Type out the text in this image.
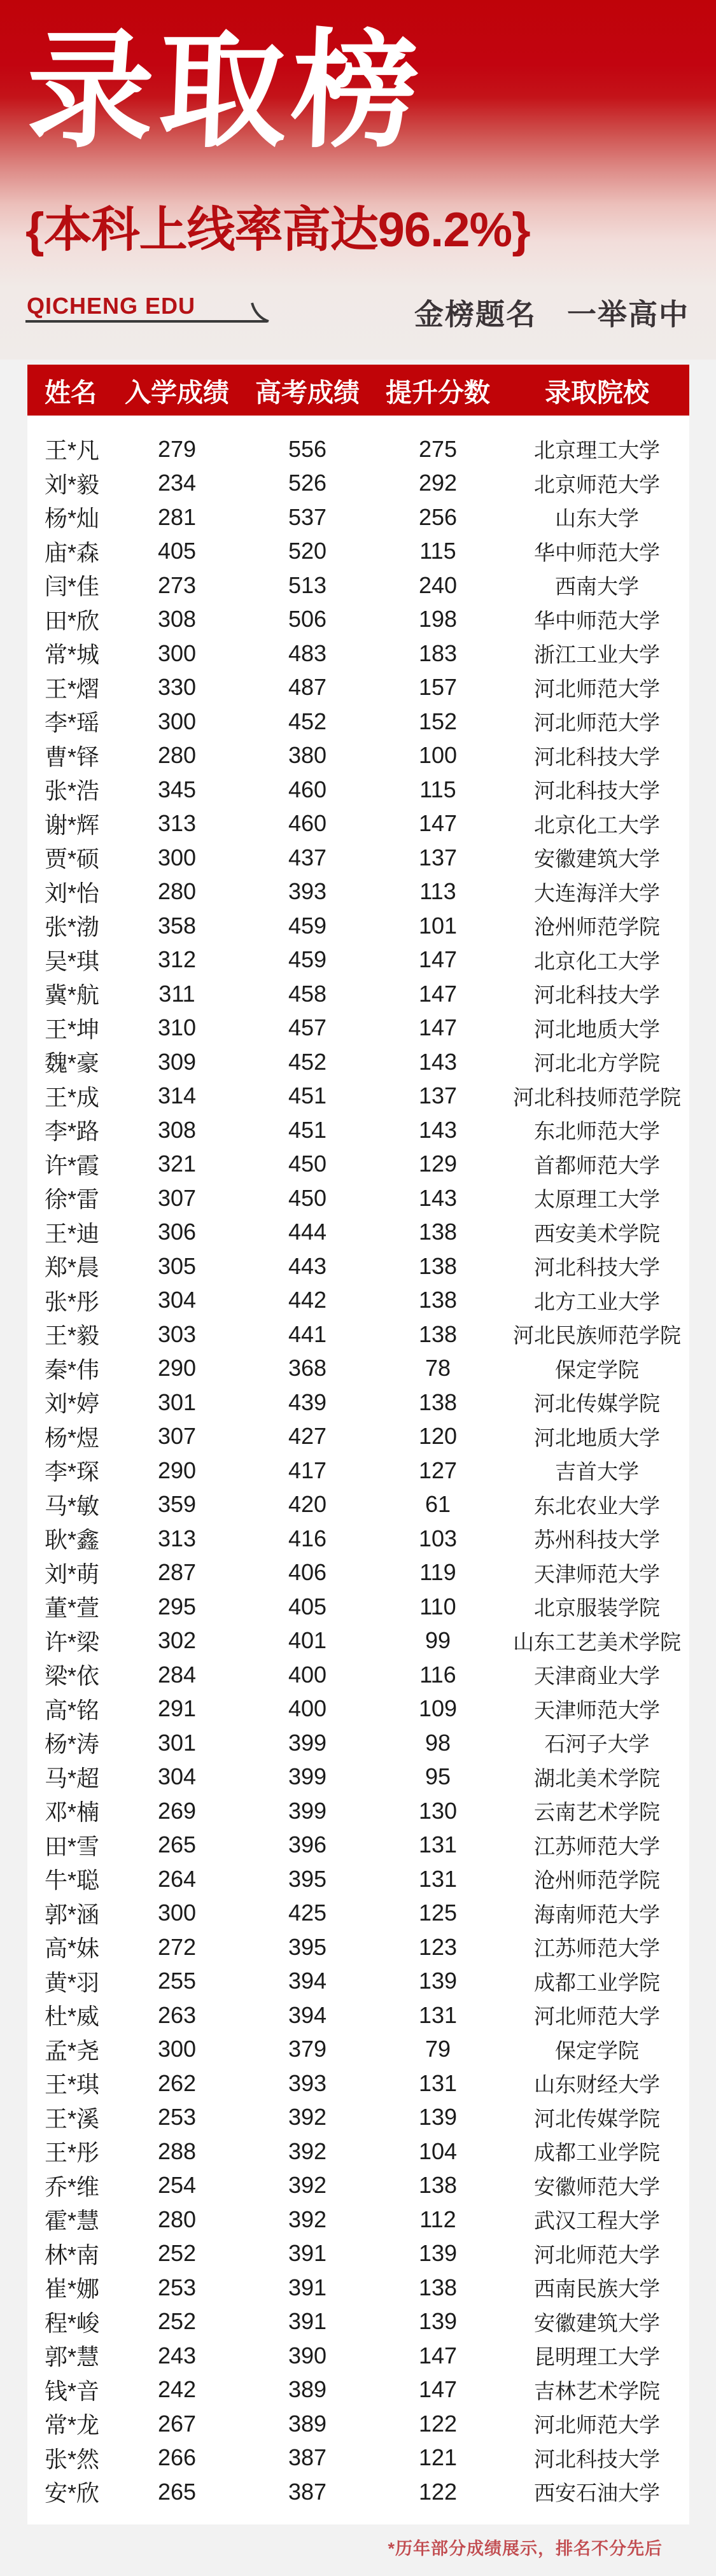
录取榜
{本科上线率高达96.2%}
QICHENG EDU	金榜题名　一举高中
姓名	入学成绩	高考成绩	提升分数	录取院校
王*凡	279	556	275	北京理工大学
刘*毅	234	526	292	北京师范大学
杨*灿	281	537	256	山东大学
庙*森	405	520	115	华中师范大学
闫*佳	273	513	240	西南大学
田*欣	308	506	198	华中师范大学
常*城	300	483	183	浙江工业大学
王*熠	330	487	157	河北师范大学
李*瑶	300	452	152	河北师范大学
曹*铎	280	380	100	河北科技大学
张*浩	345	460	115	河北科技大学
谢*辉	313	460	147	北京化工大学
贾*硕	300	437	137	安徽建筑大学
刘*怡	280	393	113	大连海洋大学
张*渤	358	459	101	沧州师范学院
吴*琪	312	459	147	北京化工大学
冀*航	311	458	147	河北科技大学
王*坤	310	457	147	河北地质大学
魏*豪	309	452	143	河北北方学院
王*成	314	451	137	河北科技师范学院
李*路	308	451	143	东北师范大学
许*霞	321	450	129	首都师范大学
徐*雷	307	450	143	太原理工大学
王*迪	306	444	138	西安美术学院
郑*晨	305	443	138	河北科技大学
张*彤	304	442	138	北方工业大学
王*毅	303	441	138	河北民族师范学院
秦*伟	290	368	78	保定学院
刘*婷	301	439	138	河北传媒学院
杨*煜	307	427	120	河北地质大学
李*琛	290	417	127	吉首大学
马*敏	359	420	61	东北农业大学
耿*鑫	313	416	103	苏州科技大学
刘*萌	287	406	119	天津师范大学
董*萱	295	405	110	北京服装学院
许*梁	302	401	99	山东工艺美术学院
梁*依	284	400	116	天津商业大学
高*铭	291	400	109	天津师范大学
杨*涛	301	399	98	石河子大学
马*超	304	399	95	湖北美术学院
邓*楠	269	399	130	云南艺术学院
田*雪	265	396	131	江苏师范大学
牛*聪	264	395	131	沧州师范学院
郭*涵	300	425	125	海南师范大学
高*妹	272	395	123	江苏师范大学
黄*羽	255	394	139	成都工业学院
杜*威	263	394	131	河北师范大学
孟*尧	300	379	79	保定学院
王*琪	262	393	131	山东财经大学
王*溪	253	392	139	河北传媒学院
王*彤	288	392	104	成都工业学院
乔*维	254	392	138	安徽师范大学
霍*慧	280	392	112	武汉工程大学
林*南	252	391	139	河北师范大学
崔*娜	253	391	138	西南民族大学
程*峻	252	391	139	安徽建筑大学
郭*慧	243	390	147	昆明理工大学
钱*音	242	389	147	吉林艺术学院
常*龙	267	389	122	河北师范大学
张*然	266	387	121	河北科技大学
安*欣	265	387	122	西安石油大学
*历年部分成绩展示，排名不分先后
